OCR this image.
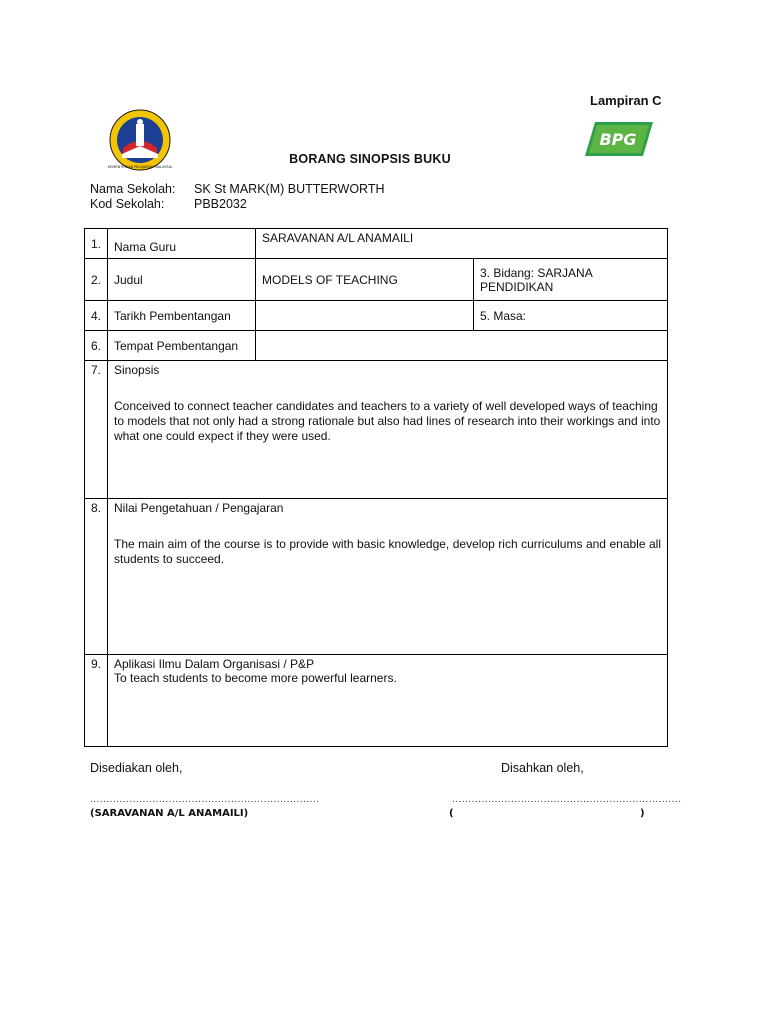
Lampiran C
KEMENTERIAN PELAJARAN MALAYSIA
BPG
BORANG SINOPSIS BUKU
Nama Sekolah: SK St MARK(M) BUTTERWORTH
Kod Sekolah: PBB2032
1.	Nama Guru	SARAVANAN A/L ANAMAILI	
2.	Judul	MODELS OF TEACHING	3. Bidang: SARJANA PENDIDIKAN
4.	Tarikh Pembentangan		5. Masa:
6.	Tempat Pembentangan		
7.	Sinopsis
Conceived to connect teacher candidates and teachers to a variety of well developed ways of teaching to models that not only had a strong rationale but also had lines of research into their workings and into what one could expect if they were used.		

8.	Nilai Pengetahuan / Pengajaran
The main aim of the course is to provide with basic knowledge, develop rich curriculums and enable all students to succeed.		

9.	Aplikasi Ilmu Dalam Organisasi / P&P
To teach students to become more powerful learners.		
Disediakan oleh,	Disahkan oleh,
......................................................................	......................................................................
(SARAVANAN A/L ANAMAILI)	(	)
